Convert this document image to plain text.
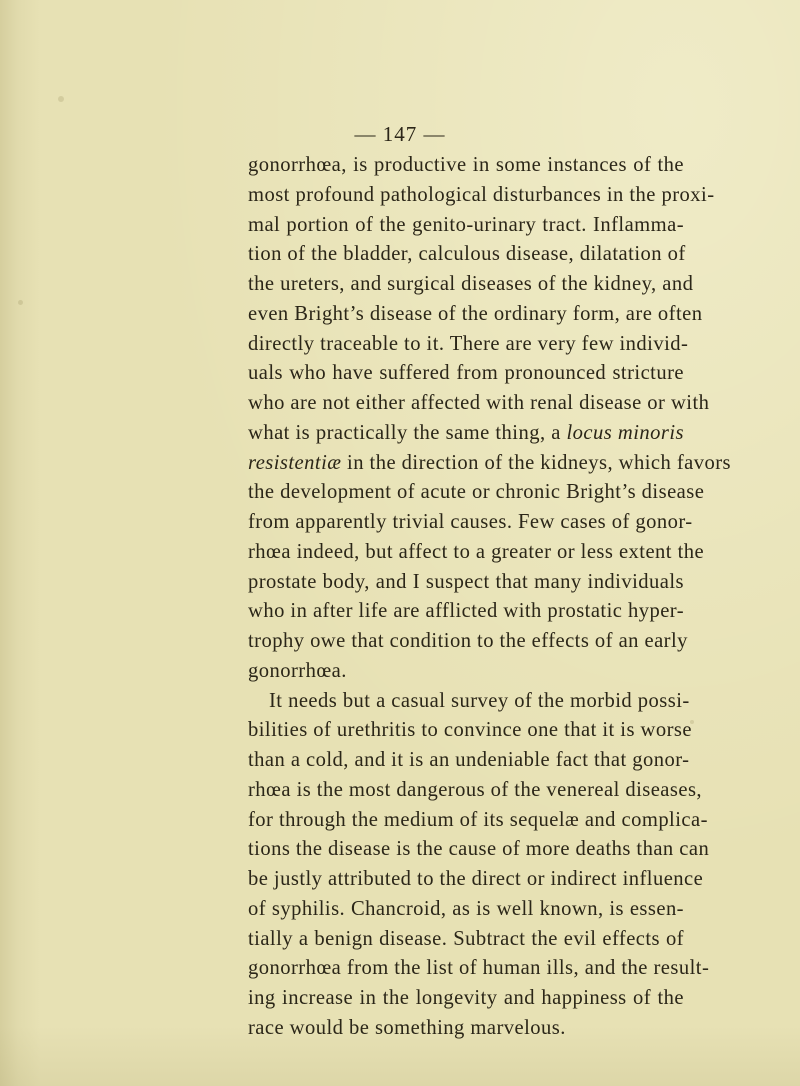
— 147 —
gonorrhœa, is productive in some instances of the
most profound pathological disturbances in the proxi-
mal portion of the genito-urinary tract. Inflamma-
tion of the bladder, calculous disease, dilatation of
the ureters, and surgical diseases of the kidney, and
even Bright’s disease of the ordinary form, are often
directly traceable to it. There are very few individ-
uals who have suffered from pronounced stricture
who are not either affected with renal disease or with
what is practically the same thing, a locus minoris
resistentiæ in the direction of the kidneys, which favors
the development of acute or chronic Bright’s disease
from apparently trivial causes. Few cases of gonor-
rhœa indeed, but affect to a greater or less extent the
prostate body, and I suspect that many individuals
who in after life are afflicted with prostatic hyper-
trophy owe that condition to the effects of an early
gonorrhœa.
It needs but a casual survey of the morbid possi-
bilities of urethritis to convince one that it is worse
than a cold, and it is an undeniable fact that gonor-
rhœa is the most dangerous of the venereal diseases,
for through the medium of its sequelæ and complica-
tions the disease is the cause of more deaths than can
be justly attributed to the direct or indirect influence
of syphilis. Chancroid, as is well known, is essen-
tially a benign disease. Subtract the evil effects of
gonorrhœa from the list of human ills, and the result-
ing increase in the longevity and happiness of the
race would be something marvelous.
